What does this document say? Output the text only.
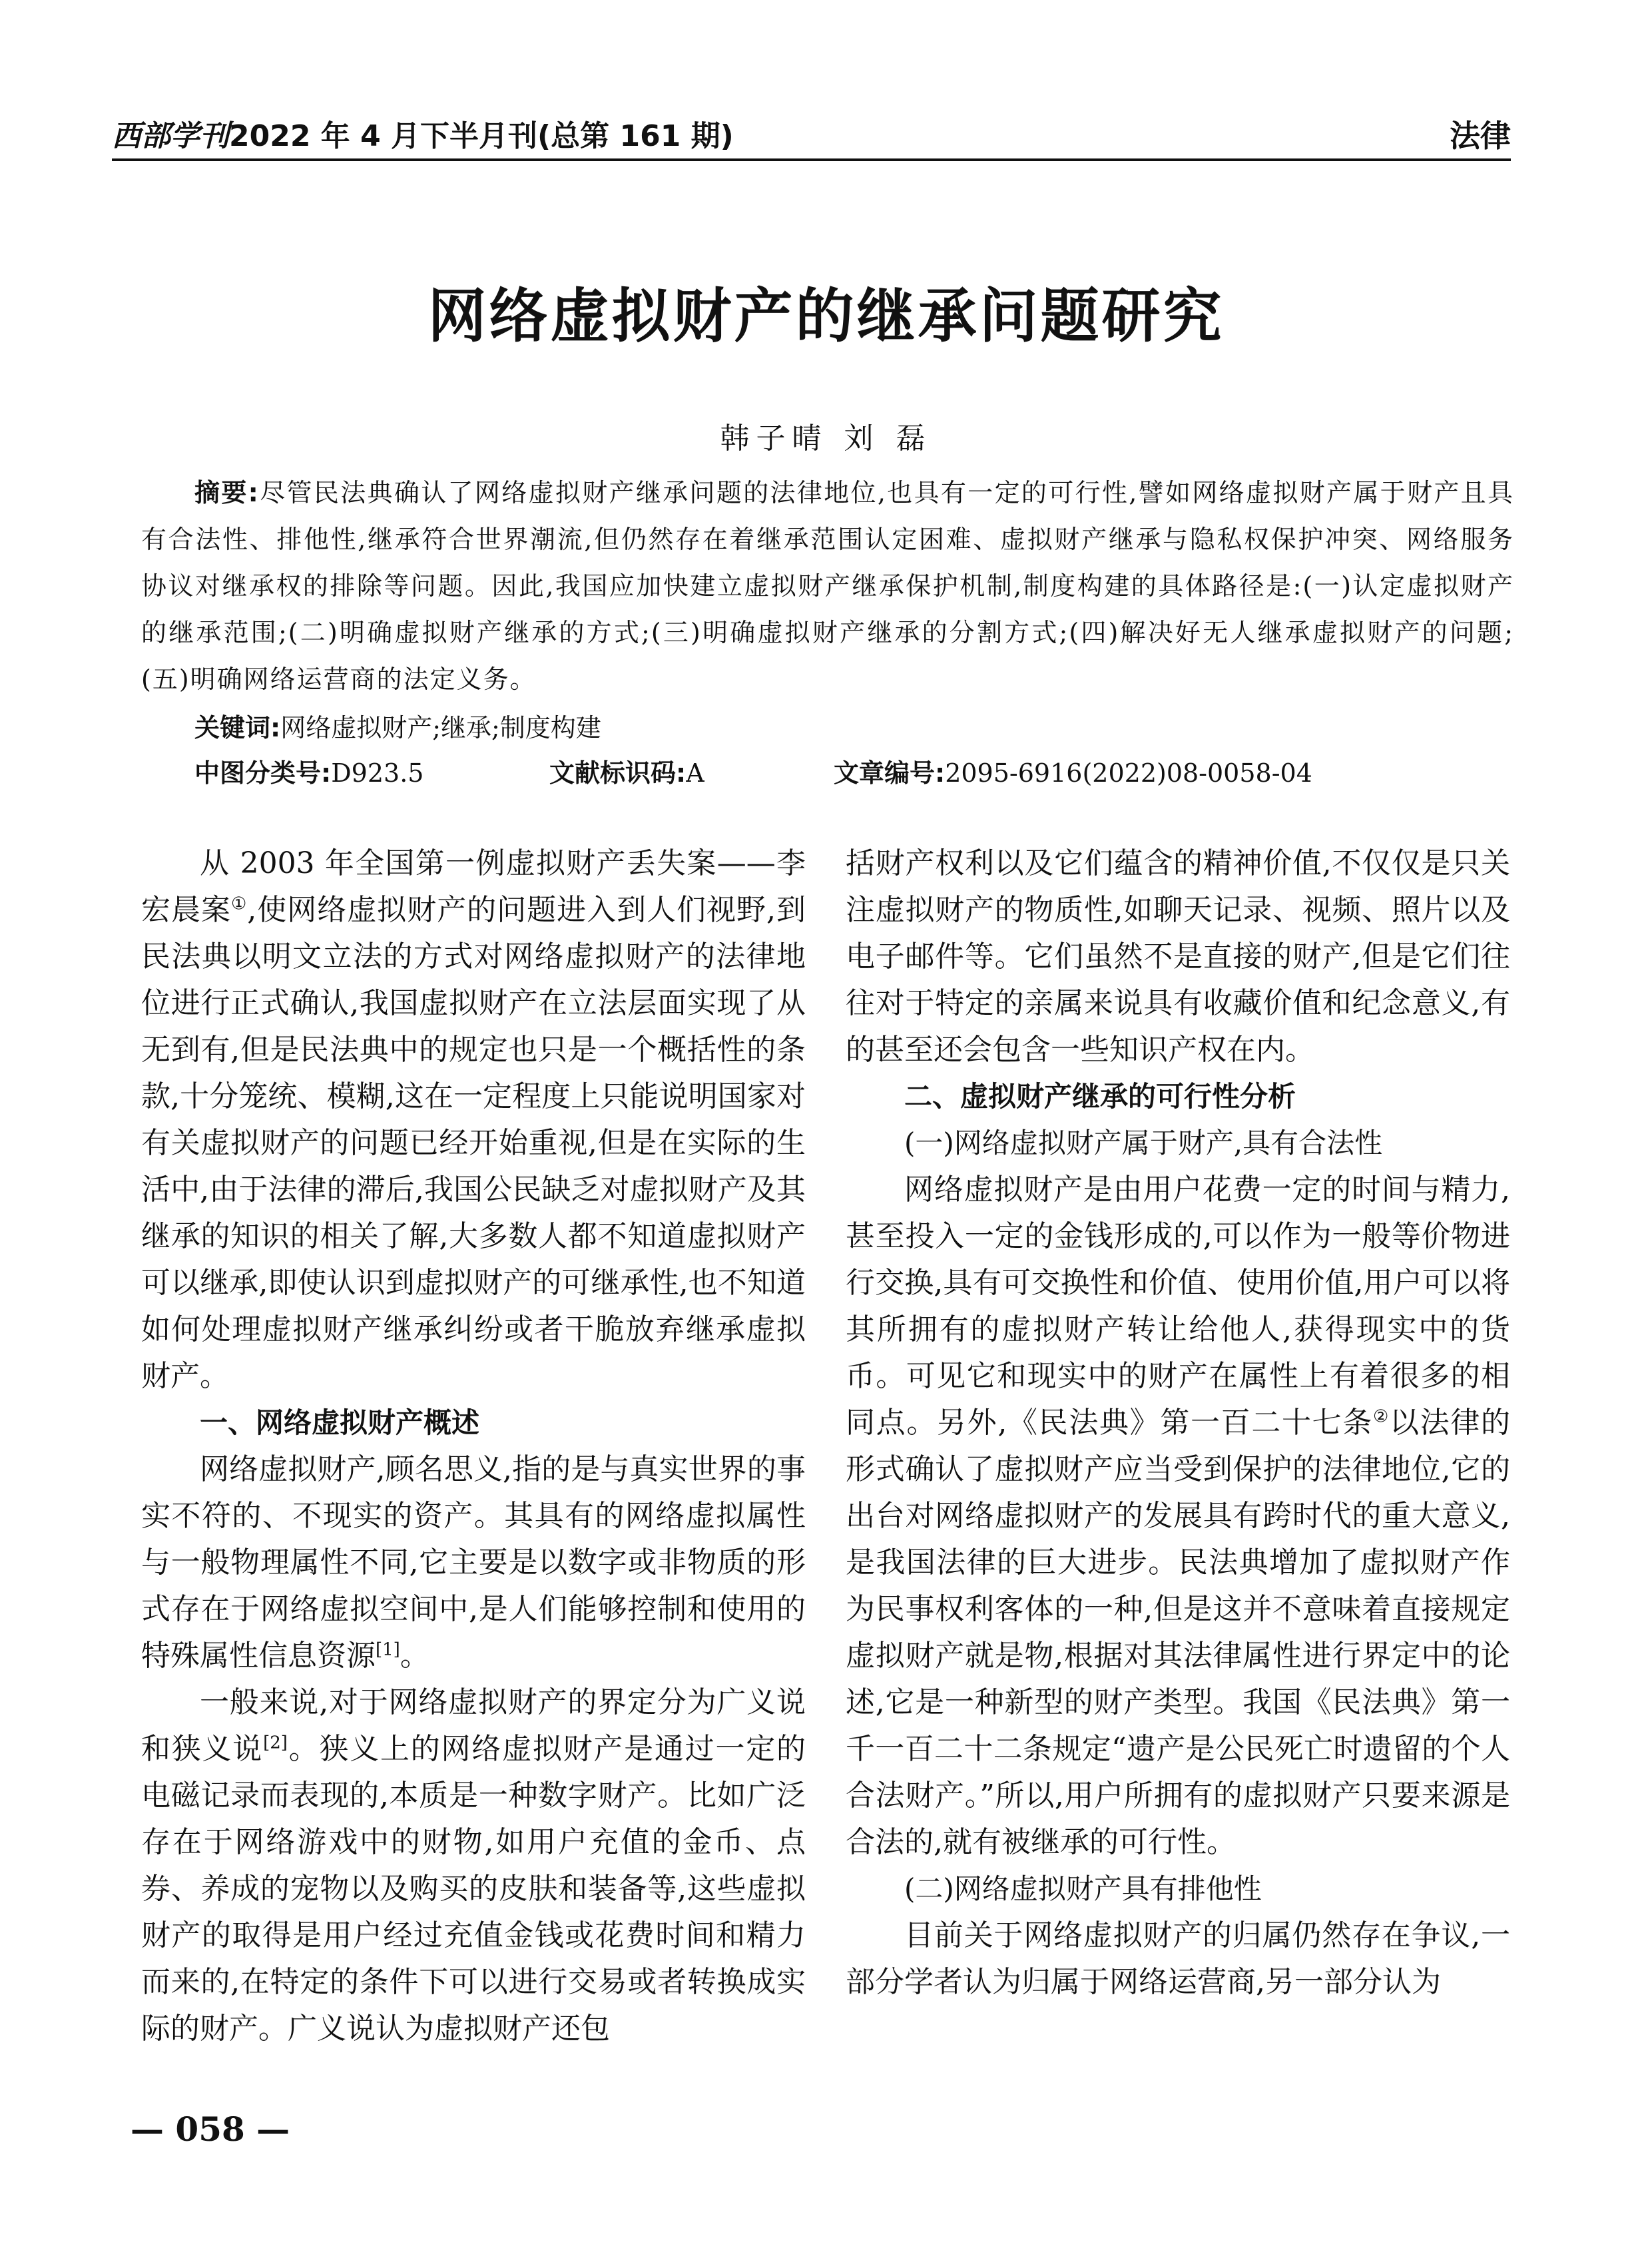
西部学刊2022 年 4 月下半月刊(总第 161 期)	法律
网络虚拟财产的继承问题研究
韩子晴 刘 磊
摘要:尽管民法典确认了网络虚拟财产继承问题的法律地位,也具有一定的可行性,譬如网络虚拟财产属于财产且具有合法性、排他性,继承符合世界潮流,但仍然存在着继承范围认定困难、虚拟财产继承与隐私权保护冲突、网络服务协议对继承权的排除等问题。因此,我国应加快建立虚拟财产继承保护机制,制度构建的具体路径是:(一)认定虚拟财产的继承范围;(二)明确虚拟财产继承的方式;(三)明确虚拟财产继承的分割方式;(四)解决好无人继承虚拟财产的问题;(五)明确网络运营商的法定义务。
关键词:网络虚拟财产;继承;制度构建
中图分类号:D923.5	文献标识码:A	文章编号:2095-6916(2022)08-0058-04

从 2003 年全国第一例虚拟财产丢失案——李宏晨案①,使网络虚拟财产的问题进入到人们视野,到民法典以明文立法的方式对网络虚拟财产的法律地位进行正式确认,我国虚拟财产在立法层面实现了从无到有,但是民法典中的规定也只是一个概括性的条款,十分笼统、模糊,这在一定程度上只能说明国家对有关虚拟财产的问题已经开始重视,但是在实际的生活中,由于法律的滞后,我国公民缺乏对虚拟财产及其继承的知识的相关了解,大多数人都不知道虚拟财产可以继承,即使认识到虚拟财产的可继承性,也不知道如何处理虚拟财产继承纠纷或者干脆放弃继承虚拟财产。

一、网络虚拟财产概述

网络虚拟财产,顾名思义,指的是与真实世界的事实不符的、不现实的资产。其具有的网络虚拟属性与一般物理属性不同,它主要是以数字或非物质的形式存在于网络虚拟空间中,是人们能够控制和使用的特殊属性信息资源[1]。

一般来说,对于网络虚拟财产的界定分为广义说和狭义说[2]。狭义上的网络虚拟财产是通过一定的电磁记录而表现的,本质是一种数字财产。比如广泛存在于网络游戏中的财物,如用户充值的金币、点券、养成的宠物以及购买的皮肤和装备等,这些虚拟财产的取得是用户经过充值金钱或花费时间和精力而来的,在特定的条件下可以进行交易或者转换成实际的财产。广义说认为虚拟财产还包

括财产权利以及它们蕴含的精神价值,不仅仅是只关注虚拟财产的物质性,如聊天记录、视频、照片以及电子邮件等。它们虽然不是直接的财产,但是它们往往对于特定的亲属来说具有收藏价值和纪念意义,有的甚至还会包含一些知识产权在内。

二、虚拟财产继承的可行性分析

(一)网络虚拟财产属于财产,具有合法性

网络虚拟财产是由用户花费一定的时间与精力,甚至投入一定的金钱形成的,可以作为一般等价物进行交换,具有可交换性和价值、使用价值,用户可以将其所拥有的虚拟财产转让给他人,获得现实中的货币。可见它和现实中的财产在属性上有着很多的相同点。另外,《民法典》第一百二十七条②以法律的形式确认了虚拟财产应当受到保护的法律地位,它的出台对网络虚拟财产的发展具有跨时代的重大意义,是我国法律的巨大进步。民法典增加了虚拟财产作为民事权利客体的一种,但是这并不意味着直接规定虚拟财产就是物,根据对其法律属性进行界定中的论述,它是一种新型的财产类型。我国《民法典》第一千一百二十二条规定“遗产是公民死亡时遗留的个人合法财产。”所以,用户所拥有的虚拟财产只要来源是合法的,就有被继承的可行性。

(二)网络虚拟财产具有排他性

目前关于网络虚拟财产的归属仍然存在争议,一部分学者认为归属于网络运营商,另一部分认为

— 058 —
